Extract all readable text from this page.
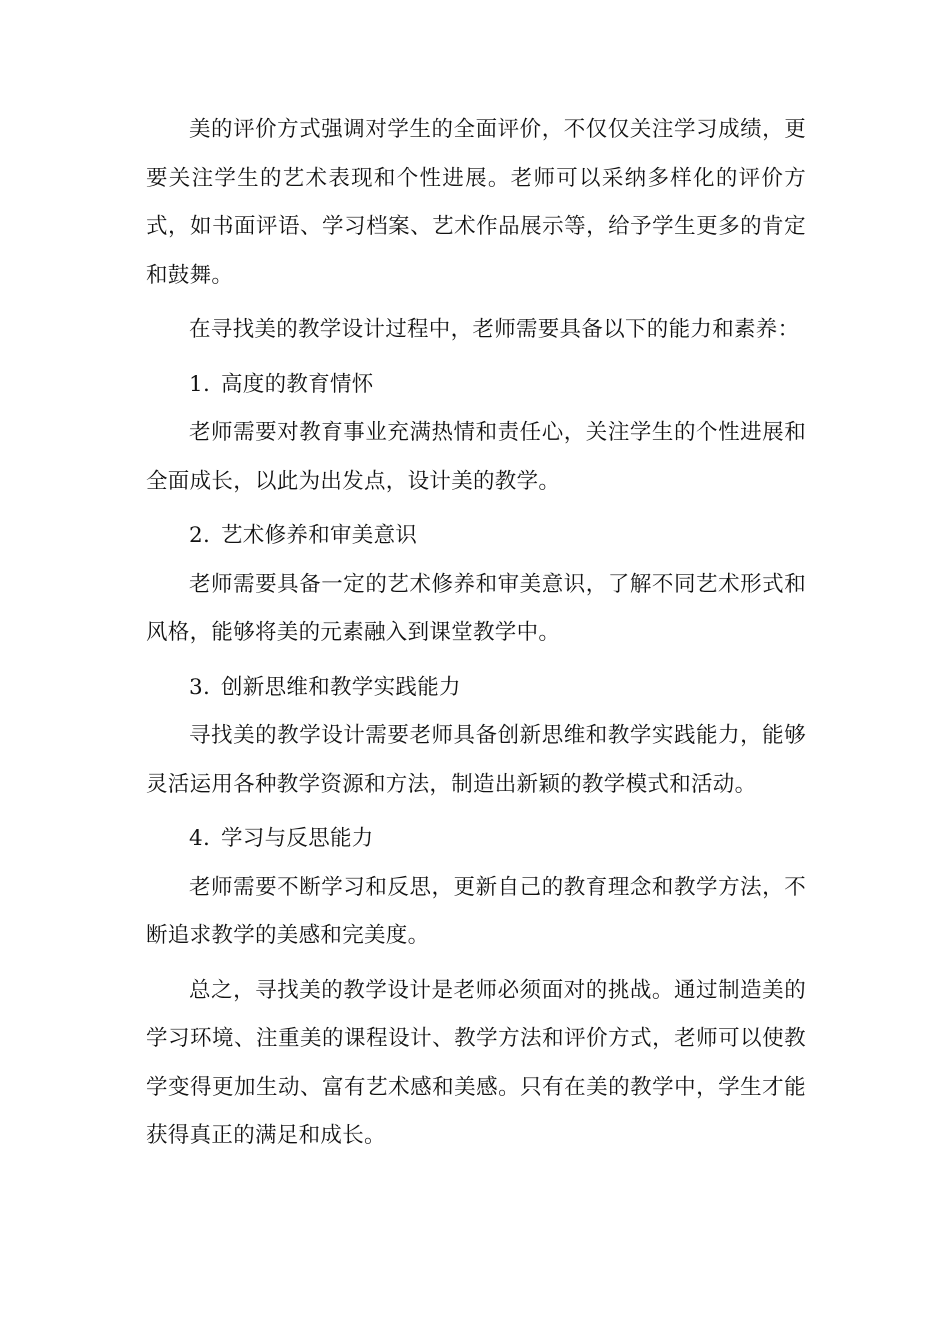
美的评价方式强调对学生的全面评价，不仅仅关注学习成绩，更要关注学生的艺术表现和个性进展。老师可以采纳多样化的评价方式，如书面评语、学习档案、艺术作品展示等，给予学生更多的肯定和鼓舞。

在寻找美的教学设计过程中，老师需要具备以下的能力和素养：

1. 高度的教育情怀

老师需要对教育事业充满热情和责任心，关注学生的个性进展和全面成长，以此为出发点，设计美的教学。

2. 艺术修养和审美意识

老师需要具备一定的艺术修养和审美意识，了解不同艺术形式和风格，能够将美的元素融入到课堂教学中。

3. 创新思维和教学实践能力

寻找美的教学设计需要老师具备创新思维和教学实践能力，能够灵活运用各种教学资源和方法，制造出新颖的教学模式和活动。

4. 学习与反思能力

老师需要不断学习和反思，更新自己的教育理念和教学方法，不断追求教学的美感和完美度。

总之，寻找美的教学设计是老师必须面对的挑战。通过制造美的学习环境、注重美的课程设计、教学方法和评价方式，老师可以使教学变得更加生动、富有艺术感和美感。只有在美的教学中，学生才能获得真正的满足和成长。
